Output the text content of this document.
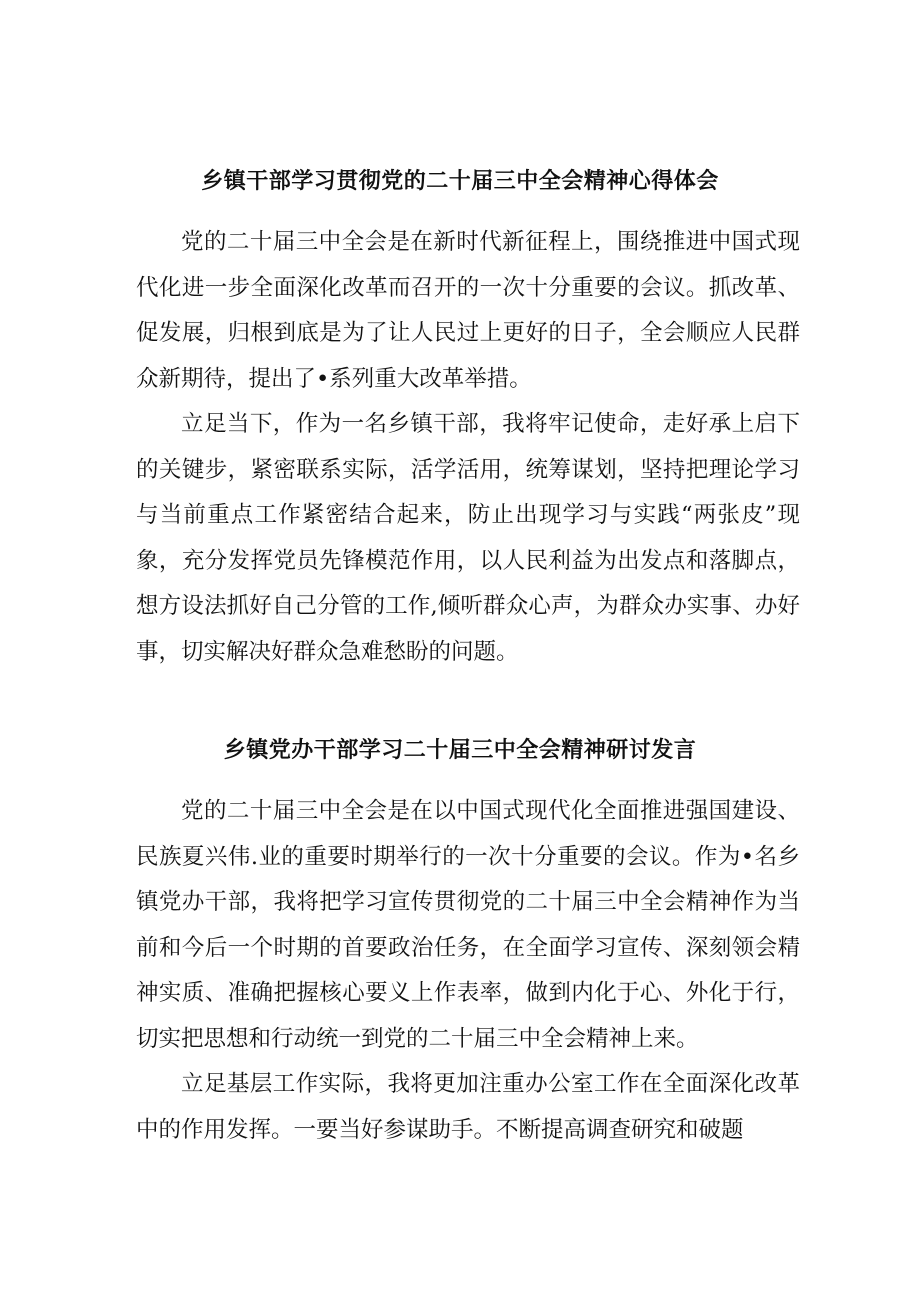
乡镇干部学习贯彻党的二十届三中全会精神心得体会

党的二十届三中全会是在新时代新征程上，围绕推进中国式现代化进一步全面深化改革而召开的一次十分重要的会议。抓改革、促发展，归根到底是为了让人民过上更好的日子，全会顺应人民群众新期待，提出了•系列重大改革举措。

立足当下，作为一名乡镇干部，我将牢记使命，走好承上启下的关键步，紧密联系实际，活学活用，统筹谋划，坚持把理论学习与当前重点工作紧密结合起来，防止出现学习与实践“两张皮”现象，充分发挥党员先锋模范作用，以人民利益为出发点和落脚点，想方设法抓好自己分管的工作,倾听群众心声，为群众办实事、办好事，切实解决好群众急难愁盼的问题。

乡镇党办干部学习二十届三中全会精神研讨发言

党的二十届三中全会是在以中国式现代化全面推进强国建设、民族夏兴伟.业的重要时期举行的一次十分重要的会议。作为•名乡镇党办干部，我将把学习宣传贯彻党的二十届三中全会精神作为当前和今后一个时期的首要政治任务，在全面学习宣传、深刻领会精神实质、准确把握核心要义上作表率，做到内化于心、外化于行，切实把思想和行动统一到党的二十届三中全会精神上来。

立足基层工作实际，我将更加注重办公室工作在全面深化改革中的作用发挥。一要当好参谋助手。不断提高调查研究和破题
